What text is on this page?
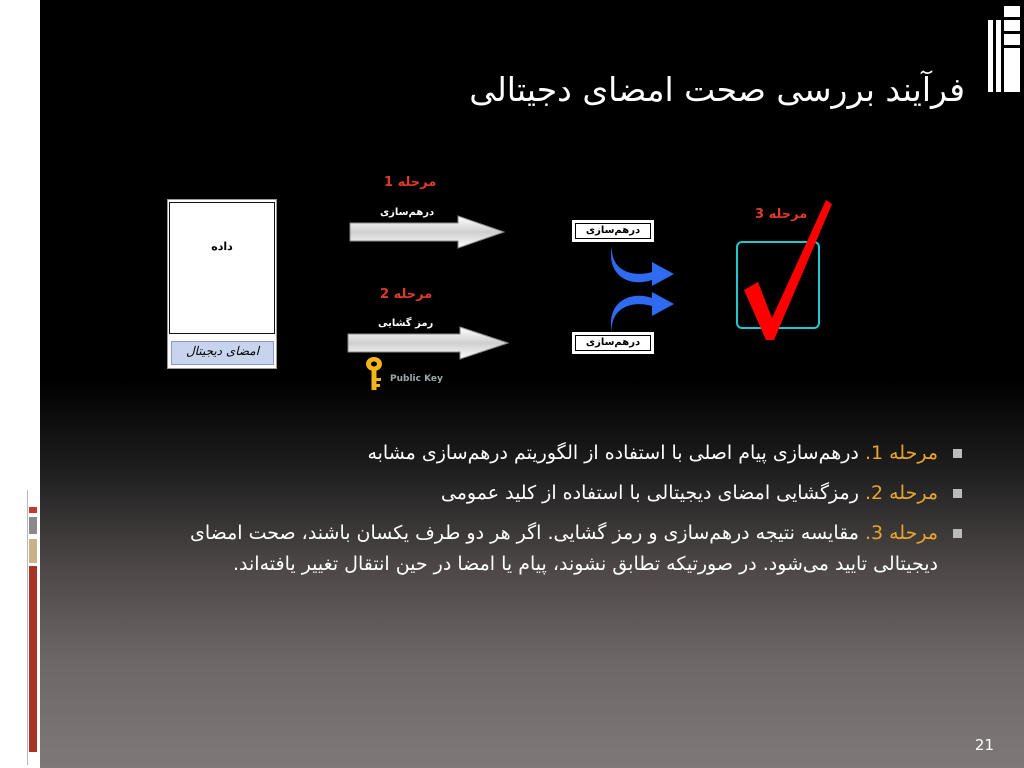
فرآیند بررسی صحت امضای دجیتالی
داده
امضای دیجیتال
مرحله 1
درهم‌سازی
مرحله 2
رمز گشایی
Public Key
درهم‌سازی
درهم‌سازی
مرحله 3
مرحله 1. درهم‌سازی پیام اصلی با استفاده از الگوریتم درهم‌سازی مشابه
مرحله 2. رمزگشایی امضای دیجیتالی با استفاده از کلید عمومی
مرحله 3. مقایسه نتیجه درهم‌سازی و رمز گشایی. اگر هر دو طرف یکسان باشند، صحت امضای دیجیتالی تایید می‌شود. در صورتیکه تطابق نشوند، پیام یا امضا در حین انتقال تغییر یافته‌اند.
21
